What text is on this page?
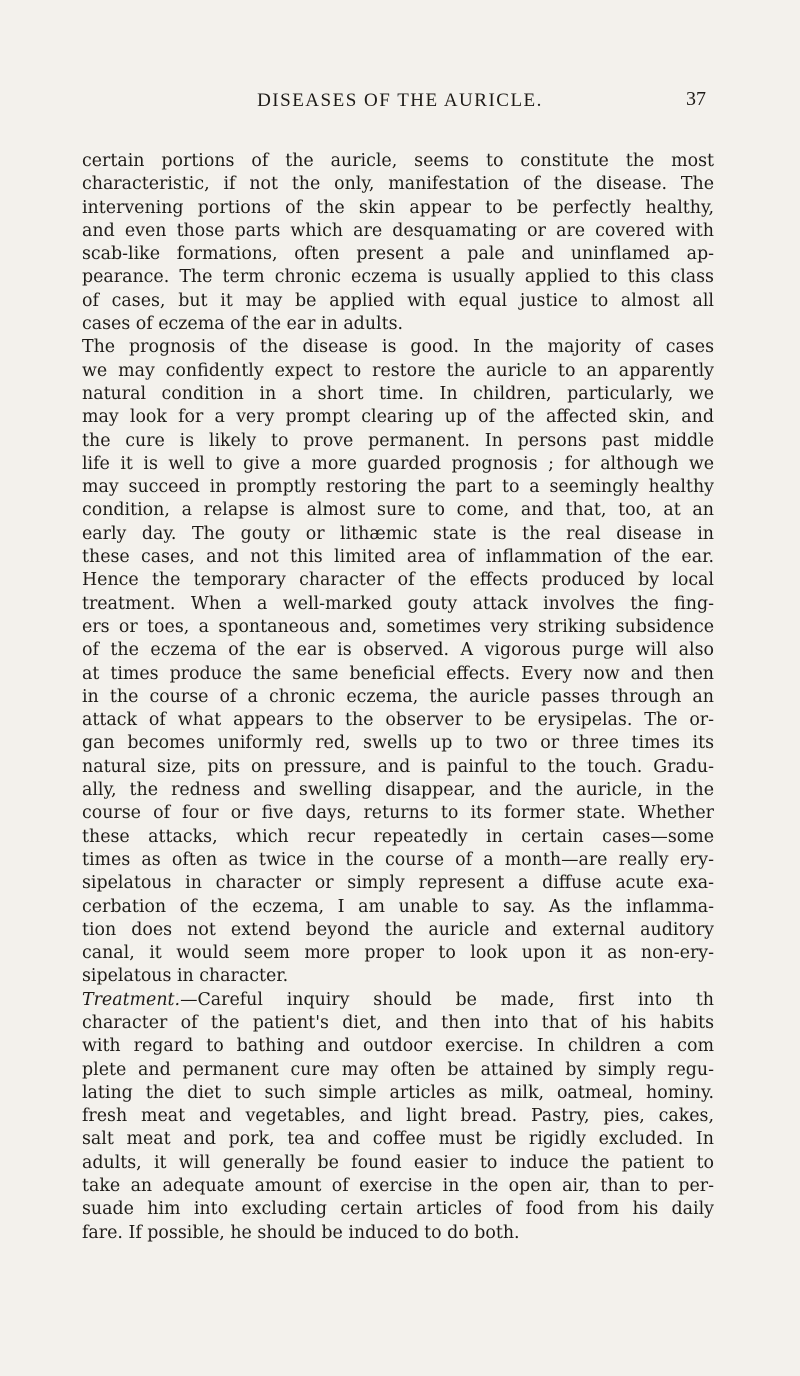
DISEASES OF THE AURICLE.	37
certain portions of the auricle, seems to constitute the most
characteristic, if not the only, manifestation of the disease. The
intervening portions of the skin appear to be perfectly healthy,
and even those parts which are desquamating or are covered with
scab-like formations, often present a pale and uninflamed ap-
pearance. The term chronic eczema is usually applied to this class
of cases, but it may be applied with equal justice to almost all
cases of eczema of the ear in adults.
The prognosis of the disease is good. In the majority of cases
we may confidently expect to restore the auricle to an apparently
natural condition in a short time. In children, particularly, we
may look for a very prompt clearing up of the affected skin, and
the cure is likely to prove permanent. In persons past middle
life it is well to give a more guarded prognosis ; for although we
may succeed in promptly restoring the part to a seemingly healthy
condition, a relapse is almost sure to come, and that, too, at an
early day. The gouty or lithæmic state is the real disease in
these cases, and not this limited area of inflammation of the ear.
Hence the temporary character of the effects produced by local
treatment. When a well-marked gouty attack involves the fing-
ers or toes, a spontaneous and, sometimes very striking subsidence
of the eczema of the ear is observed. A vigorous purge will also
at times produce the same beneficial effects. Every now and then
in the course of a chronic eczema, the auricle passes through an
attack of what appears to the observer to be erysipelas. The or-
gan becomes uniformly red, swells up to two or three times its
natural size, pits on pressure, and is painful to the touch. Gradu-
ally, the redness and swelling disappear, and the auricle, in the
course of four or five days, returns to its former state. Whether
these attacks, which recur repeatedly in certain cases—some
times as often as twice in the course of a month—are really ery-
sipelatous in character or simply represent a diffuse acute exa-
cerbation of the eczema, I am unable to say. As the inflamma-
tion does not extend beyond the auricle and external auditory
canal, it would seem more proper to look upon it as non-ery-
sipelatous in character.
Treatment.—Careful inquiry should be made, first into th
character of the patient's diet, and then into that of his habits
with regard to bathing and outdoor exercise. In children a com
plete and permanent cure may often be attained by simply regu-
lating the diet to such simple articles as milk, oatmeal, hominy.
fresh meat and vegetables, and light bread. Pastry, pies, cakes,
salt meat and pork, tea and coffee must be rigidly excluded. In
adults, it will generally be found easier to induce the patient to
take an adequate amount of exercise in the open air, than to per-
suade him into excluding certain articles of food from his daily
fare. If possible, he should be induced to do both.
